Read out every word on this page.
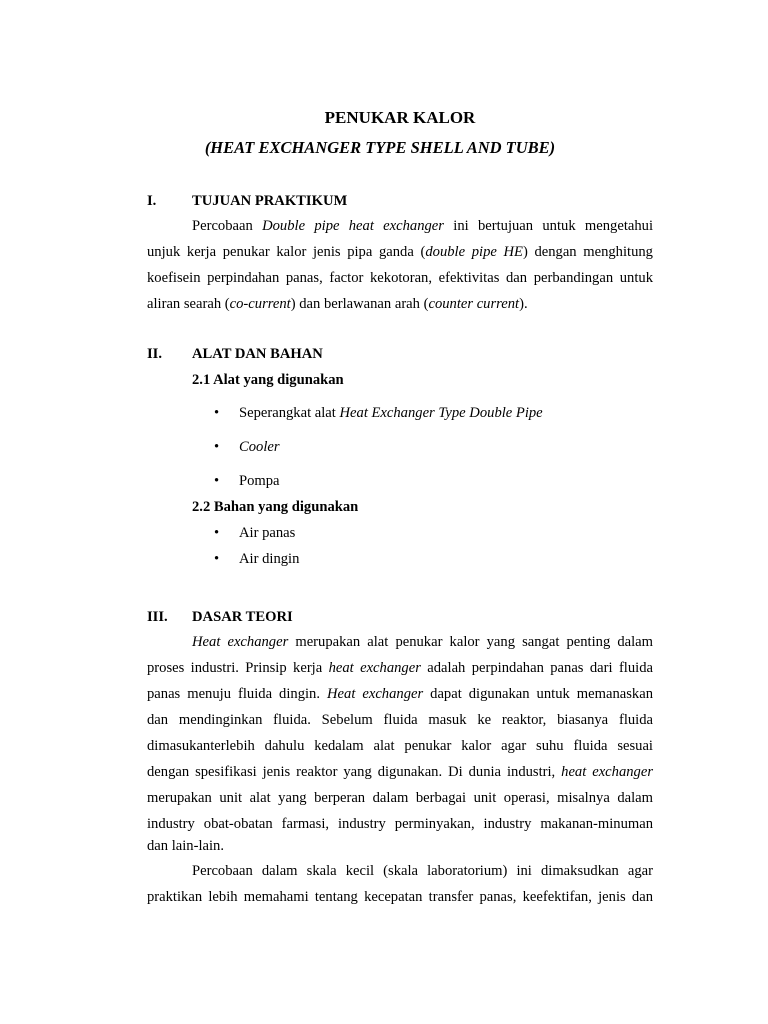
PENUKAR KALOR
(HEAT EXCHANGER TYPE SHELL AND TUBE)
I. TUJUAN PRAKTIKUM
Percobaan Double pipe heat exchanger ini bertujuan untuk mengetahui
unjuk kerja penukar kalor jenis pipa ganda (double pipe HE) dengan menghitung
koefisein perpindahan panas, factor kekotoran, efektivitas dan perbandingan untuk
aliran searah (co-current) dan berlawanan arah (counter current).
II. ALAT DAN BAHAN
2.1 Alat yang digunakan
• Seperangkat alat Heat Exchanger Type Double Pipe
• Cooler
• Pompa
2.2 Bahan yang digunakan
• Air panas
• Air dingin
III. DASAR TEORI
Heat exchanger merupakan alat penukar kalor yang sangat penting dalam
proses industri. Prinsip kerja heat exchanger adalah perpindahan panas dari fluida
panas menuju fluida dingin. Heat exchanger dapat digunakan untuk memanaskan
dan mendinginkan fluida. Sebelum fluida masuk ke reaktor, biasanya fluida
dimasukanterlebih dahulu kedalam alat penukar kalor agar suhu fluida sesuai
dengan spesifikasi jenis reaktor yang digunakan. Di dunia industri, heat exchanger
merupakan unit alat yang berperan dalam berbagai unit operasi, misalnya dalam
industry obat-obatan farmasi, industry perminyakan, industry makanan-minuman
dan lain-lain.
Percobaan dalam skala kecil (skala laboratorium) ini dimaksudkan agar
praktikan lebih memahami tentang kecepatan transfer panas, keefektifan, jenis dan
